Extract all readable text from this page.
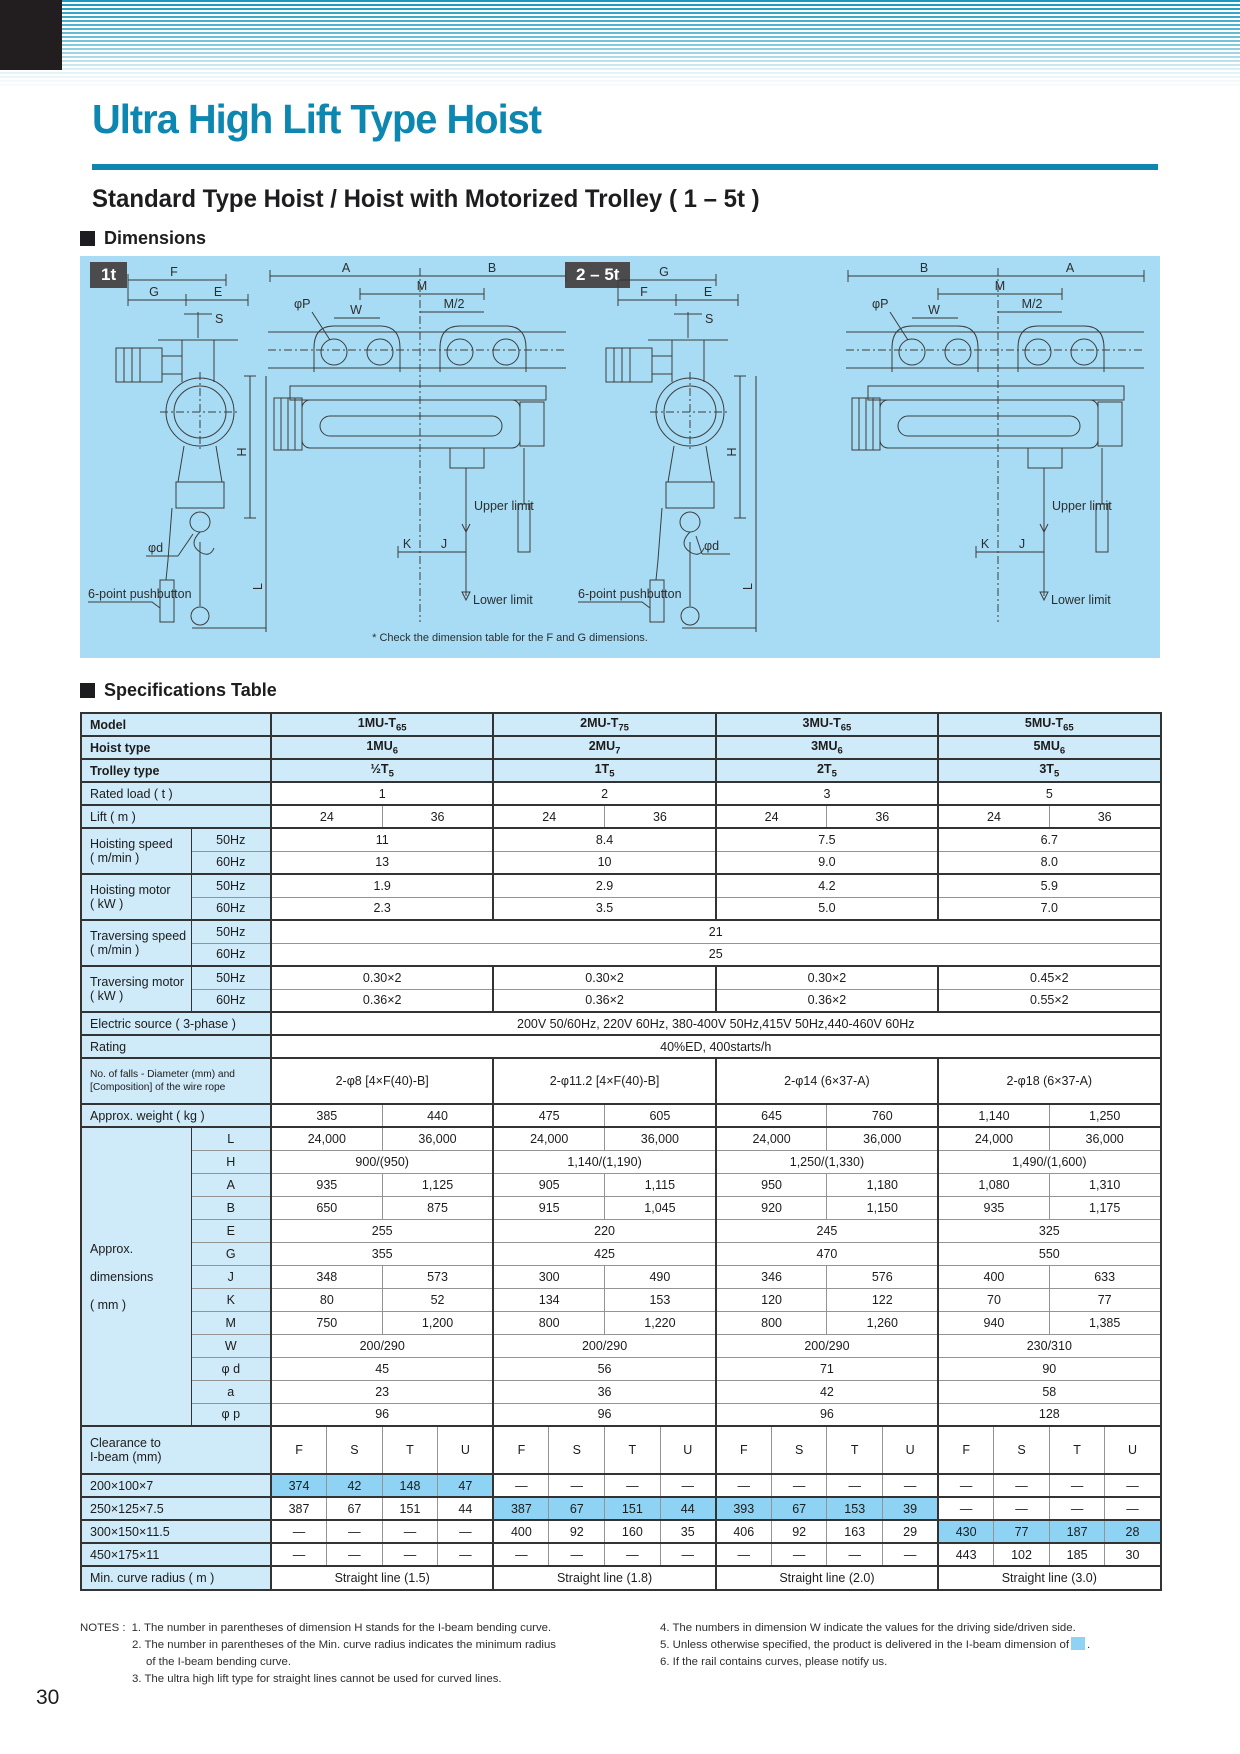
Ultra High Lift Type Hoist
Standard Type Hoist / Hoist with Motorized Trolley ( 1 – 5t )
Dimensions
1t	2 – 5t
F
G	E
S
φd
H
L
6-point pushbutton
A	B
M
M/2
φP	W
Upper limit
K J
Lower limit
G
F	E
S
φd
H
L
6-point pushbutton
B	A
M
M/2
φP	W
Upper limit
K J
Lower limit
* Check the dimension table for the F and G dimensions.
Specifications Table
Model		$1MU-T_{65}$				$2MU-T_{75}$				$3MU-T_{65}$				$5MU-T_{65}$

Hoist type		$1MU_6$				$2MU_7$				$3MU_6$				$5MU_6$

Trolley type		$\frac{1}{2}T_5$				$1T_5$				$2T_5$				$3T_5$

Rated load ( t )		1				2				3				5			

Lift ( m )		24		36		24		36		24		36		24		36	

Hoisting speed
( m/min )	50Hz	11				8.4				7.5				6.7			
	60Hz	13				10				9.0				8.0			

Hoisting motor
( kW )	50Hz	1.9				2.9				4.2				5.9			
	60Hz	2.3				3.5				5.0				7.0			

Traversing speed
( m/min )	50Hz	21															
	60Hz	25															

Traversing motor
( kW )	50Hz	0.30×2				0.30×2				0.30×2				0.45×2			
	60Hz	0.36×2				0.36×2				0.36×2				0.55×2			

Electric source ( 3-phase )		200V 50/60Hz, 220V 60Hz, 380-400V 50Hz,415V 50Hz,440-460V 60Hz															

Rating		40%ED, 400starts/h															

No. of falls - Diameter (mm) and
[Composition] of the wire rope		2-φ8 [4×F(40)-B]				2-φ11.2 [4×F(40)-B]				2-φ14 (6×37-A)				2-φ18 (6×37-A)			

Approx. weight ( kg )		385		440		475		605		645		760		1,140		1,250	

Approx.
dimensions
( mm )	L	24,000		36,000		24,000		36,000		24,000		36,000		24,000		36,000	
	H	900/(950)				1,140/(1,190)				1,250/(1,330)				1,490/(1,600)			
	A	935		1,125		905		1,115		950		1,180		1,080		1,310	
	B	650		875		915		1,045		920		1,150		935		1,175	
	E	255				220				245				325			
	G	355				425				470				550			
	J	348		573		300		490		346		576		400		633	
	K	80		52		134		153		120		122		70		77	
	M	750		1,200		800		1,220		800		1,260		940		1,385	
	W	200/290				200/290				200/290				230/310			
	φ d	45				56				71				90			
	a	23				36				42				58			
	φ p	96				96				96				128			

Clearance to
I-beam (mm)		F	S	T	U	F	S	T	U	F	S	T	U	F	S	T	U

200×100×7		374	42	148	47	—	—	—	—	—	—	—	—	—	—	—	—

250×125×7.5		387	67	151	44	387	67	151	44	393	67	153	39	—	—	—	—

300×150×11.5		—	—	—	—	400	92	160	35	406	92	163	29	430	77	187	28

450×175×11		—	—	—	—	—	—	—	—	—	—	—	—	443	102	185	30

Min. curve radius ( m )		Straight line (1.5)				Straight line (1.8)				Straight line (2.0)				Straight line (3.0)			
NOTES : 1. The number in parentheses of dimension H stands for the I-beam bending curve.
2. The number in parentheses of the Min. curve radius indicates the minimum radius
of the I-beam bending curve.
3. The ultra high lift type for straight lines cannot be used for curved lines.
4. The numbers in dimension W indicate the values for the driving side/driven side.
5. Unless otherwise specified, the product is delivered in the I-beam dimension of .
6. If the rail contains curves, please notify us.
30
